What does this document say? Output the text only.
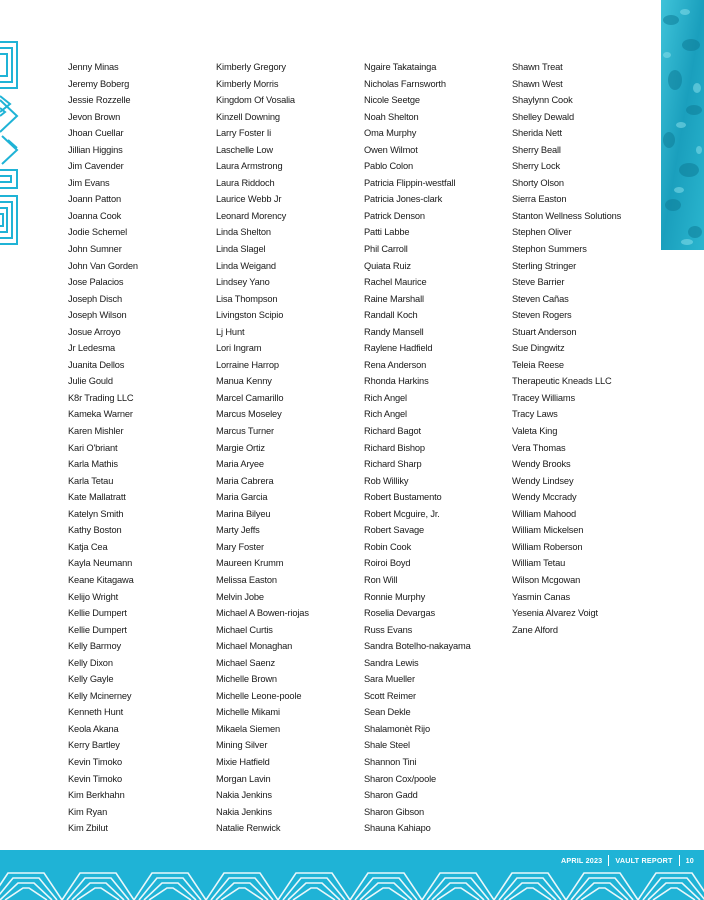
Jenny Minas
Jeremy Boberg
Jessie Rozzelle
Jevon Brown
Jhoan Cuellar
Jillian Higgins
Jim Cavender
Jim Evans
Joann Patton
Joanna Cook
Jodie Schemel
John Sumner
John Van Gorden
Jose Palacios
Joseph Disch
Joseph Wilson
Josue Arroyo
Jr Ledesma
Juanita Dellos
Julie Gould
K8r Trading LLC
Kameka Warner
Karen Mishler
Kari O'briant
Karla Mathis
Karla Tetau
Kate Mallatratt
Katelyn Smith
Kathy Boston
Katja Cea
Kayla Neumann
Keane Kitagawa
Kelijo Wright
Kellie Dumpert
Kellie Dumpert
Kelly Barmoy
Kelly Dixon
Kelly Gayle
Kelly Mcinerney
Kenneth Hunt
Keola Akana
Kerry Bartley
Kevin Timoko
Kevin Timoko
Kim Berkhahn
Kim Ryan
Kim Zbilut
Kimberly Gregory
Kimberly Morris
Kingdom Of Vosalia
Kinzell Downing
Larry Foster Ii
Laschelle Low
Laura Armstrong
Laura Riddoch
Laurice Webb Jr
Leonard Morency
Linda Shelton
Linda Slagel
Linda Weigand
Lindsey Yano
Lisa Thompson
Livingston Scipio
Lj Hunt
Lori Ingram
Lorraine Harrop
Manua Kenny
Marcel Camarillo
Marcus Moseley
Marcus Turner
Margie Ortiz
Maria Aryee
Maria Cabrera
Maria Garcia
Marina Bilyeu
Marty Jeffs
Mary Foster
Maureen Krumm
Melissa Easton
Melvin Jobe
Michael A Bowen-riojas
Michael Curtis
Michael Monaghan
Michael Saenz
Michelle Brown
Michelle Leone-poole
Michelle Mikami
Mikaela Siemen
Mining Silver
Mixie Hatfield
Morgan Lavin
Nakia Jenkins
Nakia Jenkins
Natalie Renwick
Ngaire Takatainga
Nicholas Farnsworth
Nicole Seetge
Noah Shelton
Oma Murphy
Owen Wilmot
Pablo Colon
Patricia Flippin-westfall
Patricia Jones-clark
Patrick Denson
Patti Labbe
Phil Carroll
Quiata Ruiz
Rachel Maurice
Raine Marshall
Randall Koch
Randy Mansell
Raylene Hadfield
Rena Anderson
Rhonda Harkins
Rich Angel
Rich Angel
Richard Bagot
Richard Bishop
Richard Sharp
Rob Williky
Robert Bustamento
Robert Mcguire, Jr.
Robert Savage
Robin Cook
Roiroi Boyd
Ron Will
Ronnie Murphy
Roselia Devargas
Russ Evans
Sandra Botelho-nakayama
Sandra Lewis
Sara Mueller
Scott Reimer
Sean Dekle
Shalamonèt Rijo
Shale Steel
Shannon Tini
Sharon Cox/poole
Sharon Gadd
Sharon Gibson
Shauna Kahiapo
Shawn Treat
Shawn West
Shaylynn Cook
Shelley Dewald
Sherida Nett
Sherry Beall
Sherry Lock
Shorty Olson
Sierra Easton
Stanton Wellness Solutions
Stephen Oliver
Stephon Summers
Sterling Stringer
Steve Barrier
Steven Cañas
Steven Rogers
Stuart Anderson
Sue Dingwitz
Teleia Reese
Therapeutic Kneads LLC
Tracey Williams
Tracy Laws
Valeta King
Vera Thomas
Wendy Brooks
Wendy Lindsey
Wendy Mccrady
William Mahood
William Mickelsen
William Roberson
William Tetau
Wilson Mcgowan
Yasmin Canas
Yesenia Alvarez Voigt
Zane Alford
APRIL 2023 VAULT REPORT 10
